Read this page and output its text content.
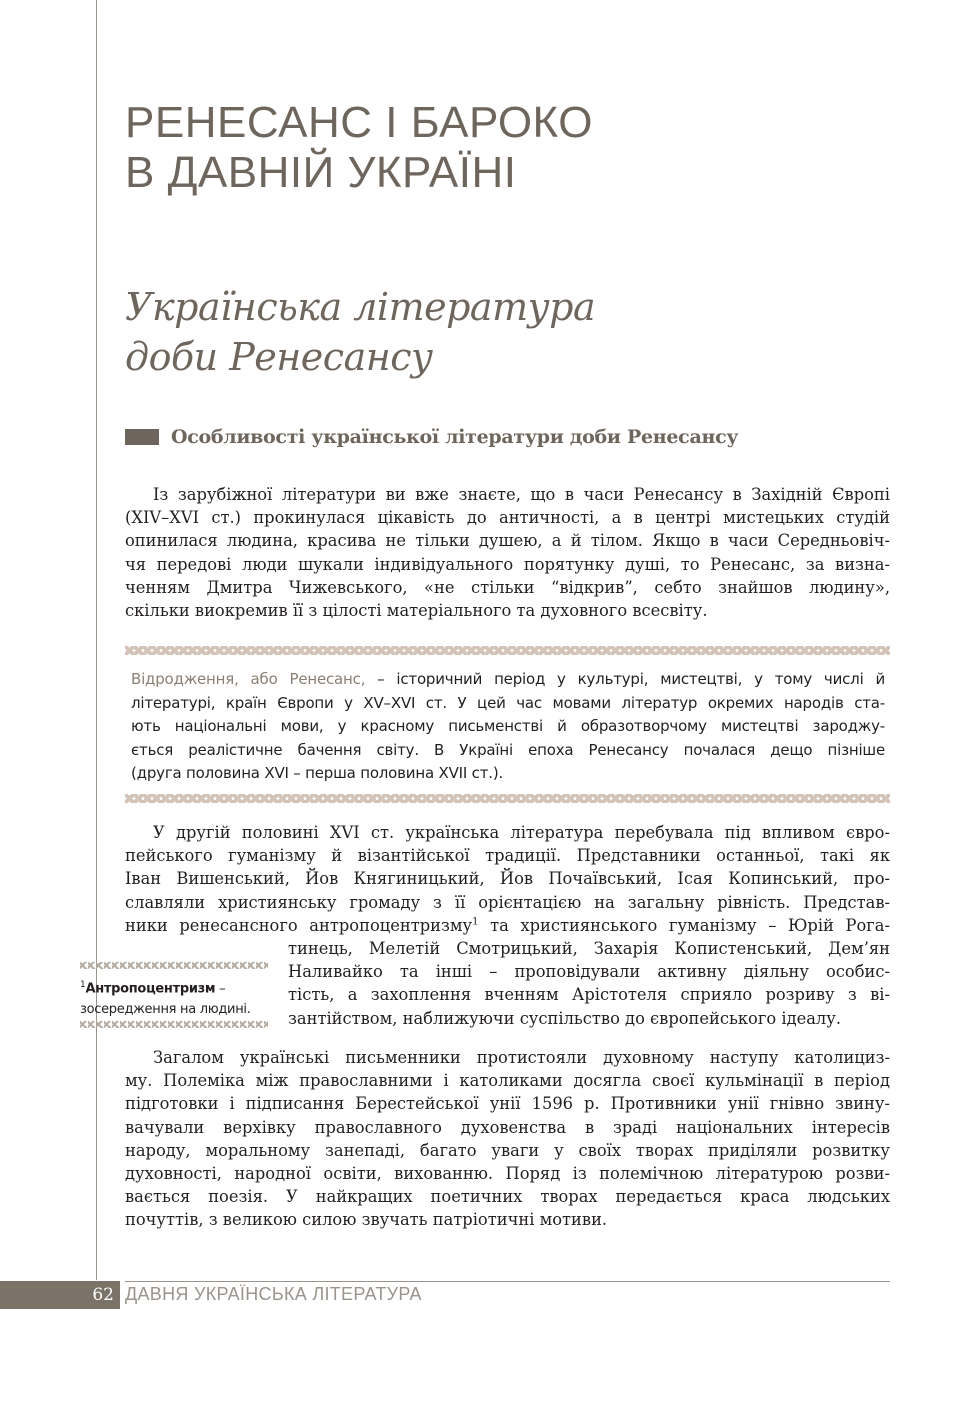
РЕНЕСАНС І БАРОКО
В ДАВНІЙ УКРАЇНІ
Українська література
доби Ренесансу
Особливості української літератури доби Ренесансу

Із зарубіжної літератури ви вже знаєте, що в часи Ренесансу в Західній Європі
(XIV–XVI ст.) прокинулася цікавість до античності, а в центрі мистецьких студій
опинилася людина, красива не тільки душею, а й тілом. Якщо в часи Середньовіч-
чя передові люди шукали індивідуального порятунку душі, то Ренесанс, за визна-
ченням Дмитра Чижевського, «не стільки “відкрив”, себто знайшов людину»,
скільки виокремив її з цілості матеріального та духовного всесвіту.

Відродження, або Ренесанс, – історичний період у культурі, мистецтві, у тому числі й
літературі, країн Європи у XV–XVI ст. У цей час мовами літератур окремих народів ста-
ють національні мови, у красному письменстві й образотворчому мистецтві зароджу-
ється реалістичне бачення світу. В Україні епоха Ренесансу почалася дещо пізніше
(друга половина XVI – перша половина XVII ст.).

У другій половині XVI ст. українська література перебувала під впливом євро-
пейського гуманізму й візантійської традиції. Представники останньої, такі як
Іван Вишенський, Йов Княгиницький, Йов Почаївський, Ісая Копинський, про-
славляли християнську громаду з її орієнтацією на загальну рівність. Представ-
ники ренесансного антропоцентризму$^1$ та християнського гуманізму – Юрій Рога-

тинець, Мелетій Смотрицький, Захарія Копистенський, Дем’ян
Наливайко та інші – проповідували активну діяльну особис-
тість, а захоплення вченням Арістотеля сприяло розриву з ві-
зантійством, наближуючи суспільство до європейського ідеалу.

$^1$Антропоцентризм –
зосередження на людині.

Загалом українські письменники протистояли духовному наступу католициз-
му. Полеміка між православними і католиками досягла своєї кульмінації в період
підготовки і підписання Берестейської унії 1596 р. Противники унії гнівно звину-
вачували верхівку православного духовенства в зраді національних інтересів
народу, моральному занепаді, багато уваги у своїх творах приділяли розвитку
духовності, народної освіти, вихованню. Поряд із полемічною літературою розви-
вається поезія. У найкращих поетичних творах передається краса людських
почуттів, з великою силою звучать патріотичні мотиви.

62 ДАВНЯ УКРАЇНСЬКА ЛІТЕРАТУРА
